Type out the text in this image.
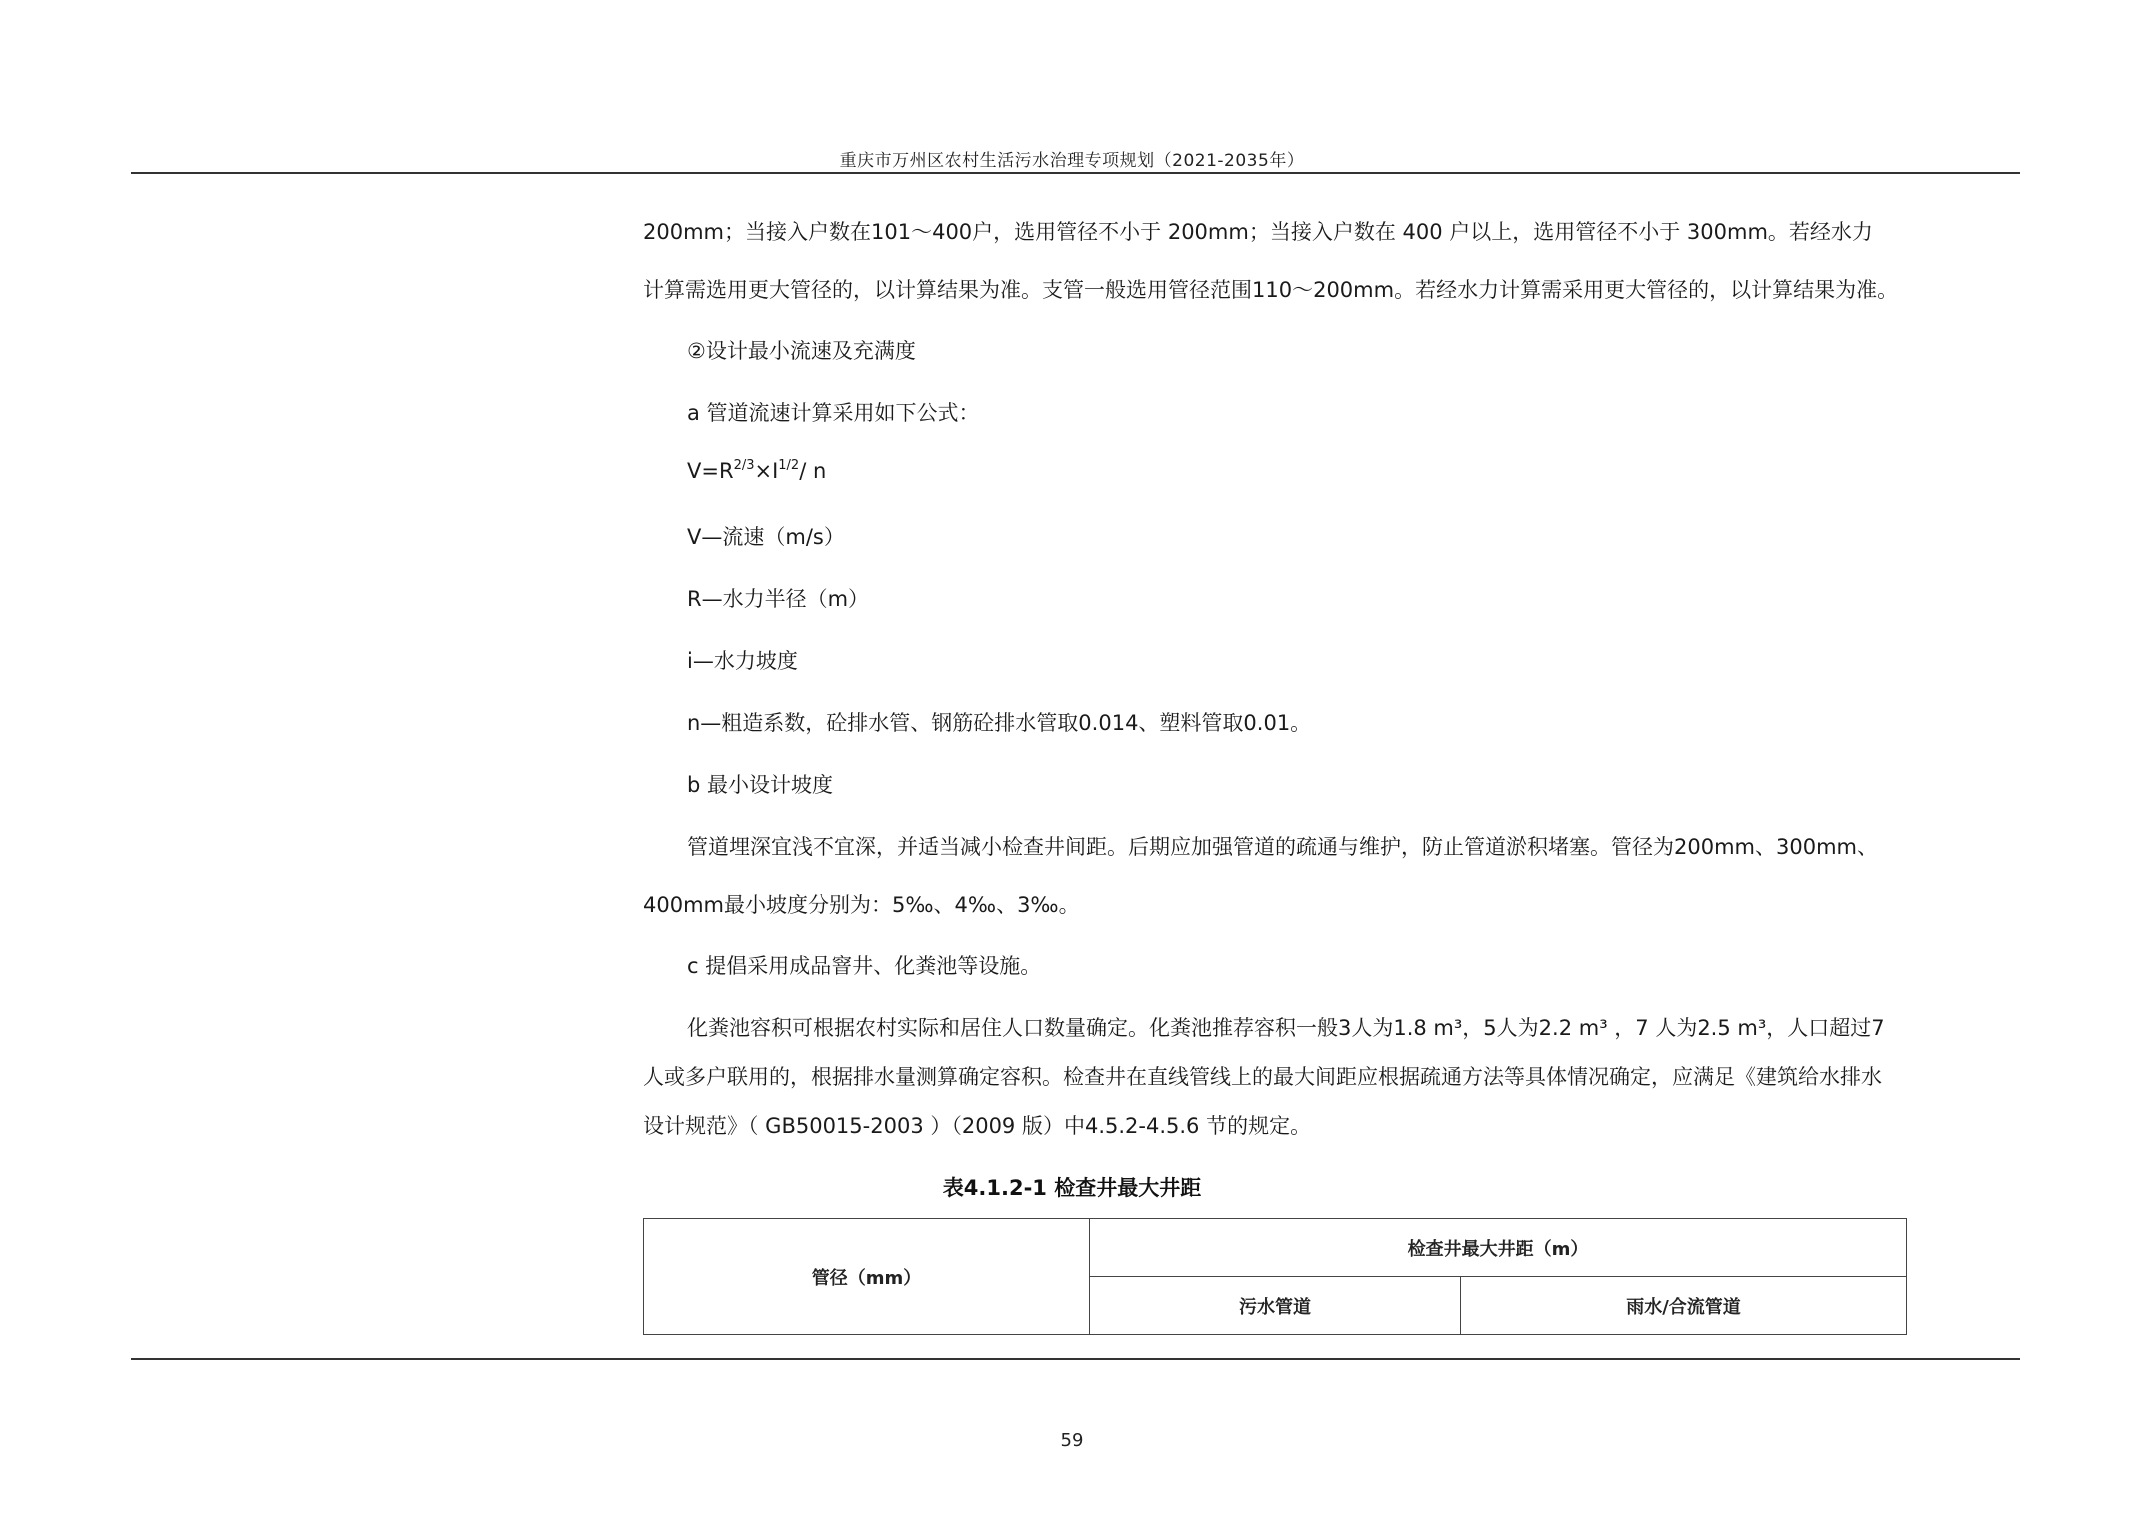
重庆市万州区农村生活污水治理专项规划（2021-2035年）
200mm；当接入户数在101～400户，选用管径不小于 200mm；当接入户数在 400 户以上，选用管径不小于 300mm。若经水力
计算需选用更大管径的，以计算结果为准。支管一般选用管径范围110～200mm。若经水力计算需采用更大管径的，以计算结果为准。
②设计最小流速及充满度
a 管道流速计算采用如下公式：
$V=R^{2/3}\times I^{1/2}/$ n
V—流速（m/s）
R—水力半径（m）
i—水力坡度
n—粗造系数，砼排水管、钢筋砼排水管取0.014、塑料管取0.01。
b 最小设计坡度
管道埋深宜浅不宜深，并适当减小检查井间距。后期应加强管道的疏通与维护，防止管道淤积堵塞。管径为200mm、300mm、
400mm最小坡度分别为：5‰、4‰、3‰。
c 提倡采用成品窨井、化粪池等设施。
化粪池容积可根据农村实际和居住人口数量确定。化粪池推荐容积一般3人为1.8 m³，5人为2.2 m³ ，7 人为2.5 m³，人口超过7
人或多户联用的，根据排水量测算确定容积。检查井在直线管线上的最大间距应根据疏通方法等具体情况确定，应满足《建筑给水排水
设计规范》（ GB50015-2003 ）（2009 版）中4.5.2-4.5.6 节的规定。
表4.1.2-1 检查井最大井距
管径（mm）	检查井最大井距（m）	
	污水管道	雨水/合流管道
59
